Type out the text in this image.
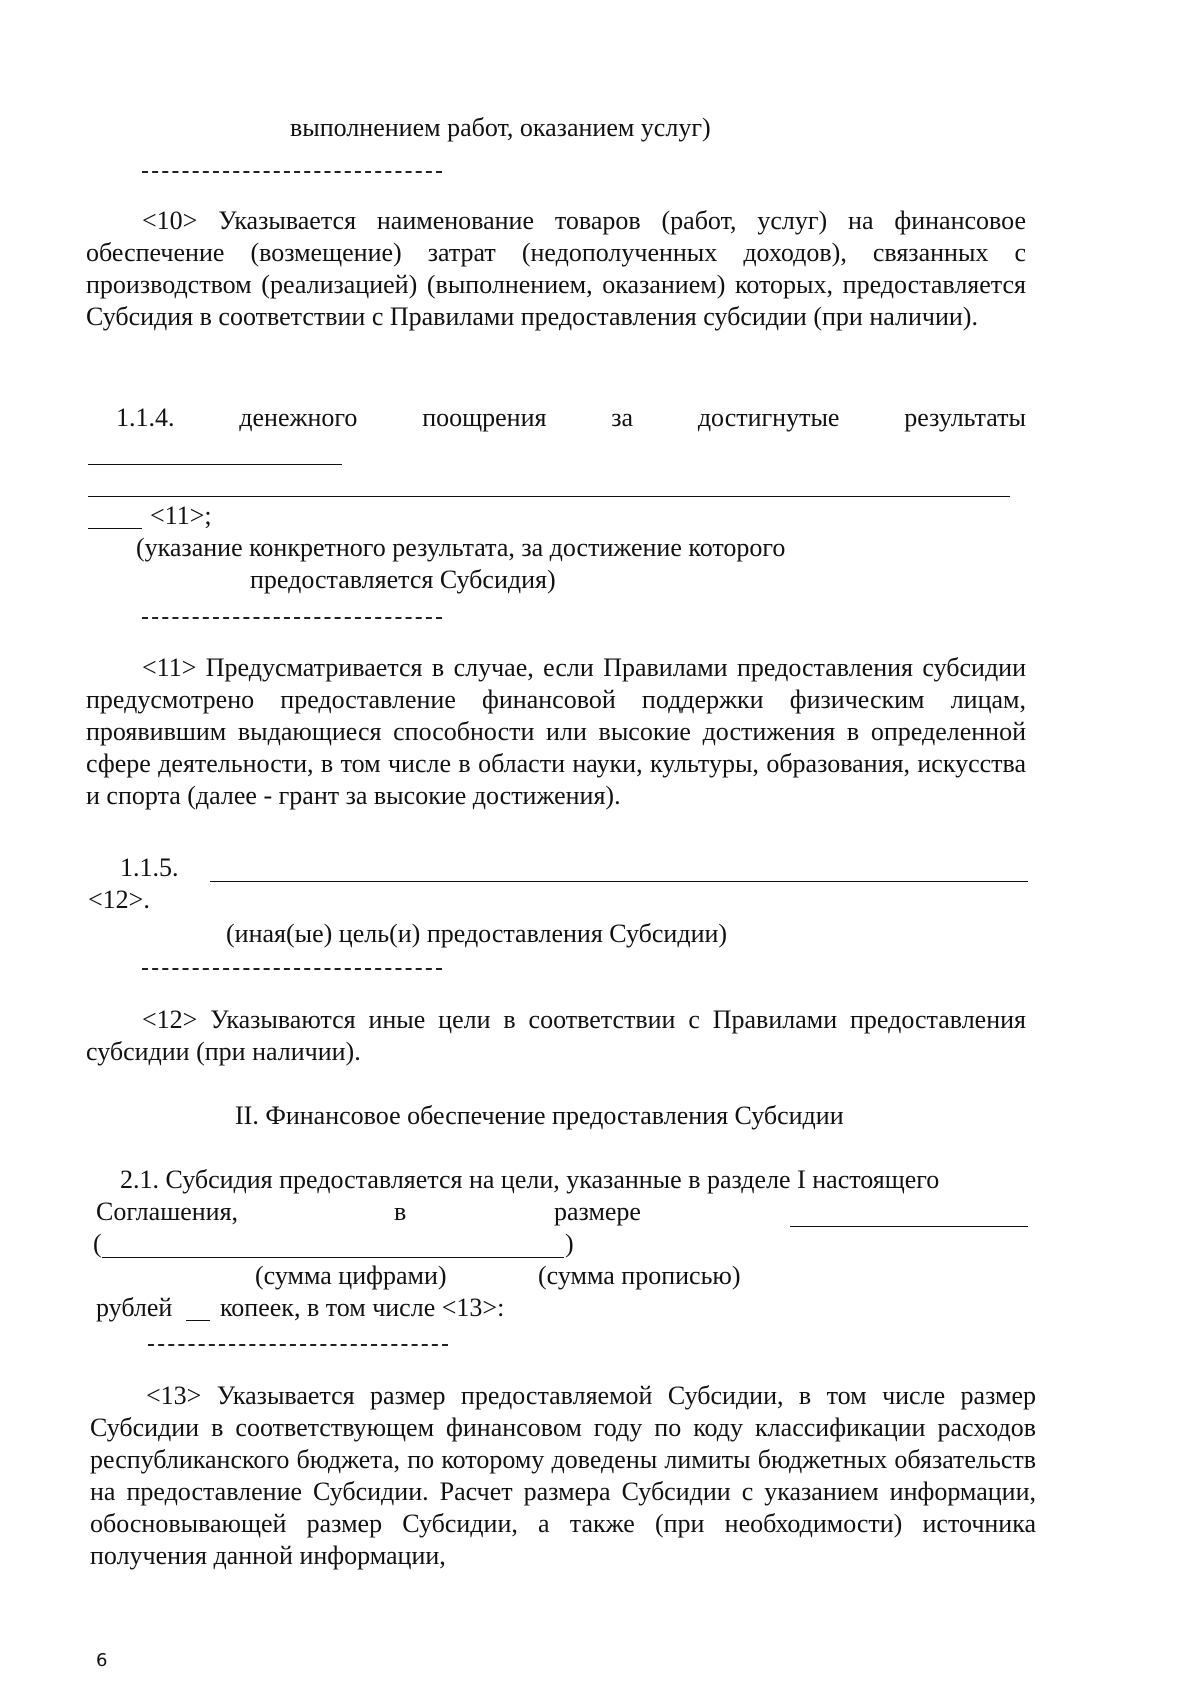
выполнением работ, оказанием услуг)
<10> Указывается наименование товаров (работ, услуг) на финансовое обеспечение (возмещение) затрат (недополученных доходов), связанных с производством (реализацией) (выполнением, оказанием) которых, предоставляется Субсидия в соответствии с Правилами предоставления субсидии (при наличии).
1.1.4. денежного поощрения за достигнутые результаты
<11>;
(указание конкретного результата, за достижение которого
предоставляется Субсидия)
<11> Предусматривается в случае, если Правилами предоставления субсидии предусмотрено предоставление финансовой поддержки физическим лицам, проявившим выдающиеся способности или высокие достижения в определенной сфере деятельности, в том числе в области науки, культуры, образования, искусства и спорта (далее - грант за высокие достижения).
1.1.5.
<12>.
(иная(ые) цель(и) предоставления Субсидии)
<12> Указываются иные цели в соответствии с Правилами предоставления субсидии (при наличии).
II. Финансовое обеспечение предоставления Субсидии
2.1. Субсидия предоставляется на цели, указанные в разделе I настоящего
Соглашения,	в	размере
(	)
(сумма цифрами)	(сумма прописью)
рублей копеек, в том числе <13>:
<13> Указывается размер предоставляемой Субсидии, в том числе размер Субсидии в соответствующем финансовом году по коду классификации расходов республиканского бюджета, по которому доведены лимиты бюджетных обязательств на предоставление Субсидии. Расчет размера Субсидии с указанием информации, обосновывающей размер Субсидии, а также (при необходимости) источника получения данной информации,
6
